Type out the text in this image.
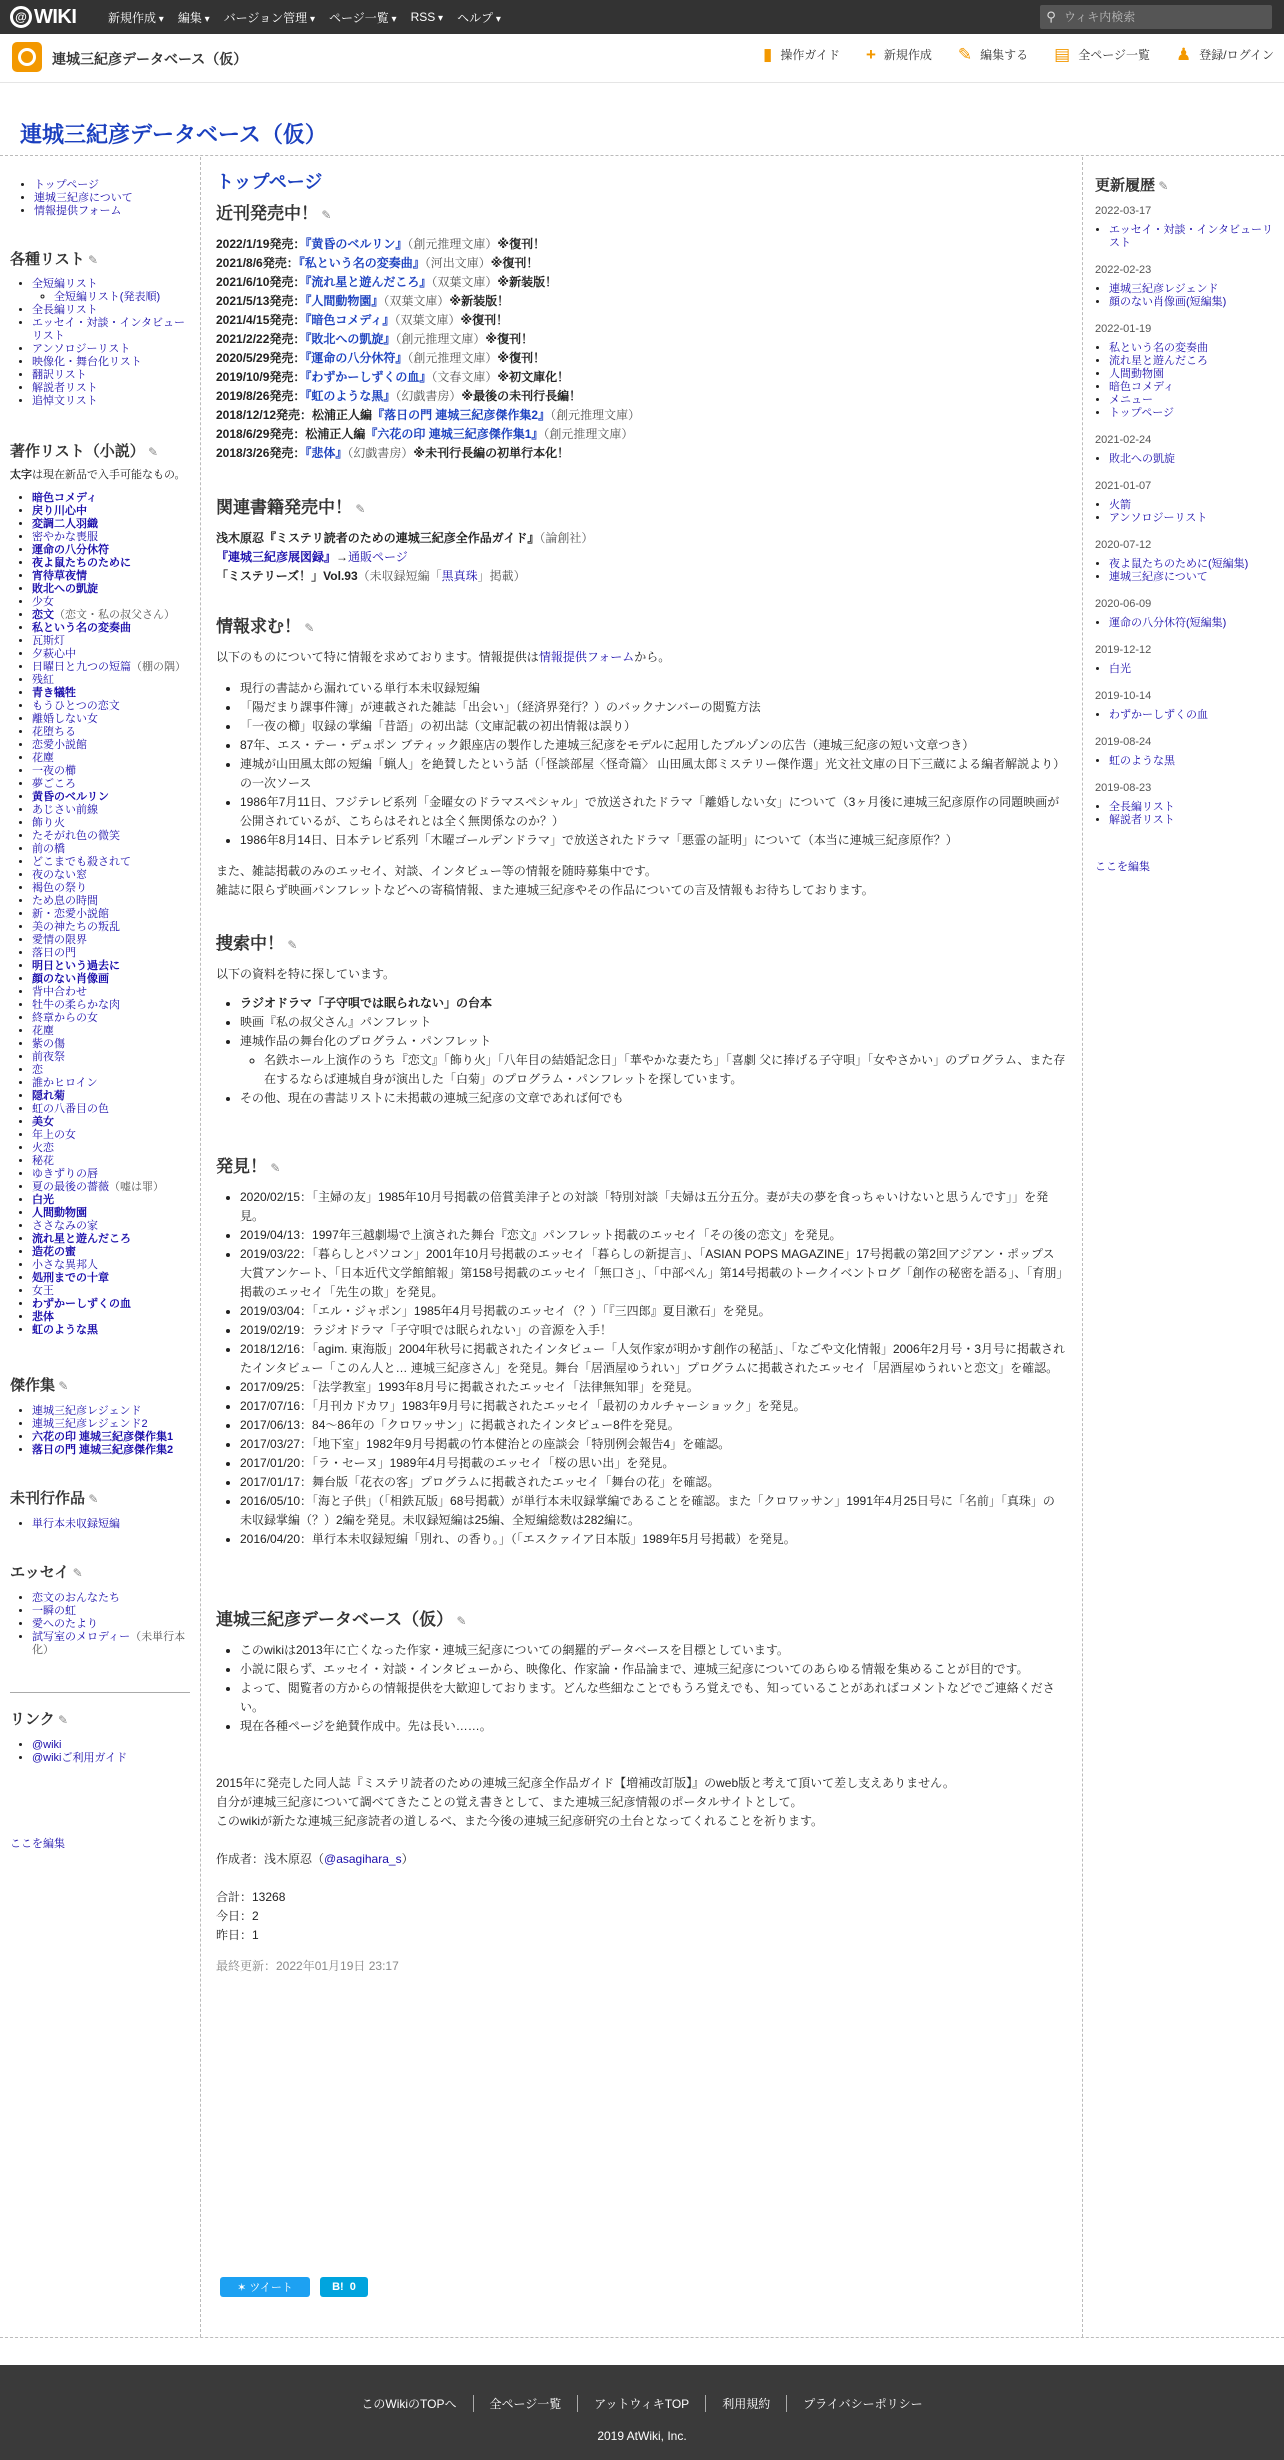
@ WIKI	新規作成 ▾	編集 ▾	バージョン管理 ▾	ページ一覧 ▾	RSS ▾	ヘルプ ▾	⚲
ウィキ内検索
連城三紀彦データベース（仮）	▮ 操作ガイド + 新規作成 ✎ 編集する ▤ 全ページ一覧 ♟ 登録/ログイン
連城三紀彦データベース（仮）
• トップページ
• 連城三紀彦について
• 情報提供フォーム
各種リスト ✎
• 全短編リスト
◦ 全短編リスト(発表順)
• 全長編リスト
• エッセイ・対談・インタビューリスト
• アンソロジーリスト
• 映像化・舞台化リスト
• 翻訳リスト
• 解説者リスト
• 追悼文リスト
著作リスト（小説） ✎
太字は現在新品で入手可能なもの。
• 暗色コメディ
• 戻り川心中
• 変調二人羽織
• 密やかな喪服
• 運命の八分休符
• 夜よ鼠たちのために
• 宵待草夜情
• 敗北への凱旋
• 少女
• 恋文（恋文・私の叔父さん）
• 私という名の変奏曲
• 瓦斯灯
• 夕萩心中
• 日曜日と九つの短篇（棚の隅）
• 残紅
• 青き犠牲
• もうひとつの恋文
• 離婚しない女
• 花堕ちる
• 恋愛小説館
• 花塵
• 一夜の櫛
• 夢ごころ
• 黄昏のベルリン
• あじさい前線
• 飾り火
• たそがれ色の微笑
• 前の橋
• どこまでも殺されて
• 夜のない窓
• 褐色の祭り
• ため息の時間
• 新・恋愛小説館
• 美の神たちの叛乱
• 愛情の限界
• 落日の門
• 明日という過去に
• 顔のない肖像画
• 背中合わせ
• 牡牛の柔らかな肉
• 終章からの女
• 花塵
• 紫の傷
• 前夜祭
• 恋
• 誰かヒロイン
• 隠れ菊
• 虹の八番目の色
• 美女
• 年上の女
• 火恋
• 秘花
• ゆきずりの唇
• 夏の最後の薔薇（嘘は罪）
• 白光
• 人間動物園
• ささなみの家
• 流れ星と遊んだころ
• 造花の蜜
• 小さな異邦人
• 処刑までの十章
• 女王
• わずかーしずくの血
• 悲体
• 虹のような黒
傑作集 ✎
• 連城三紀彦レジェンド
• 連城三紀彦レジェンド2
• 六花の印 連城三紀彦傑作集1
• 落日の門 連城三紀彦傑作集2
未刊行作品 ✎
• 単行本未収録短編
エッセイ ✎
• 恋文のおんなたち
• 一瞬の虹
• 愛へのたより
• 試写室のメロディー（未単行本化）
リンク ✎
• @wiki
• @wikiご利用ガイド
ここを編集
トップページ
近刊発売中！ ✎

2022/1/19発売：『黄昏のベルリン』（創元推理文庫）※復刊！

2021/8/6発売：『私という名の変奏曲』（河出文庫）※復刊！

2021/6/10発売：『流れ星と遊んだころ』（双葉文庫）※新装版！

2021/5/13発売：『人間動物園』（双葉文庫）※新装版！

2021/4/15発売：『暗色コメディ』（双葉文庫）※復刊！

2021/2/22発売：『敗北への凱旋』（創元推理文庫）※復刊！

2020/5/29発売：『運命の八分休符』（創元推理文庫）※復刊！

2019/10/9発売：『わずかーしずくの血』（文春文庫）※初文庫化！

2019/8/26発売：『虹のような黒』（幻戯書房）※最後の未刊行長編！

2018/12/12発売：松浦正人編『落日の門 連城三紀彦傑作集2』（創元推理文庫）

2018/6/29発売：松浦正人編『六花の印 連城三紀彦傑作集1』（創元推理文庫）

2018/3/26発売：『悲体』（幻戯書房）※未刊行長編の初単行本化！

関連書籍発売中！ ✎

浅木原忍『ミステリ読者のための連城三紀彦全作品ガイド』（論創社）

『連城三紀彦展図録』→通販ページ

「ミステリーズ！」Vol.93（未収録短編「黒真珠」掲載）

情報求む！ ✎

以下のものについて特に情報を求めております。情報提供は情報提供フォームから。

• 現行の書誌から漏れている単行本未収録短編
• 「陽だまり課事件簿」が連載された雑誌「出会い」（経済界発行？）のバックナンバーの閲覧方法
• 「一夜の櫛」収録の掌編「昔語」の初出誌（文庫記載の初出情報は誤り）
• 87年、エス・テー・デュポン ブティック銀座店の製作した連城三紀彦をモデルに起用したブルゾンの広告（連城三紀彦の短い文章つき）
• 連城が山田風太郎の短編「蝋人」を絶賛したという話（「怪談部屋〈怪奇篇〉 山田風太郎ミステリー傑作選」光文社文庫の日下三蔵による編者解説より）の一次ソース
• 1986年7月11日、フジテレビ系列「金曜女のドラマスペシャル」で放送されたドラマ「離婚しない女」について（3ヶ月後に連城三紀彦原作の同題映画が公開されているが、こちらはそれとは全く無関係なのか？）
• 1986年8月14日、日本テレビ系列「木曜ゴールデンドラマ」で放送されたドラマ「悪霊の証明」について（本当に連城三紀彦原作？）

また、雑誌掲載のみのエッセイ、対談、インタビュー等の情報を随時募集中です。

雑誌に限らず映画パンフレットなどへの寄稿情報、また連城三紀彦やその作品についての言及情報もお待ちしております。

捜索中！ ✎

以下の資料を特に探しています。

• ラジオドラマ「子守唄では眠られない」の台本
• 映画『私の叔父さん』パンフレット
• 連城作品の舞台化のプログラム・パンフレット
◦ 名鉄ホール上演作のうち『恋文』「飾り火」「八年目の結婚記念日」「華やかな妻たち」「喜劇 父に捧げる子守唄」「女やさかい」のプログラム、また存在するならば連城自身が演出した「白菊」のプログラム・パンフレットを探しています。
• その他、現在の書誌リストに未掲載の連城三紀彦の文章であれば何でも
発見！ ✎
• 2020/02/15：「主婦の友」1985年10月号掲載の倍賞美津子との対談「特別対談「夫婦は五分五分。妻が夫の夢を食っちゃいけないと思うんです」」を発見。
• 2019/04/13：1997年三越劇場で上演された舞台『恋文』パンフレット掲載のエッセイ「その後の恋文」を発見。
• 2019/03/22：「暮らしとパソコン」2001年10月号掲載のエッセイ「暮らしの新提言」、「ASIAN POPS MAGAZINE」17号掲載の第2回アジアン・ポップス大賞アンケート、「日本近代文学館館報」第158号掲載のエッセイ「無口さ」、「中部ぺん」第14号掲載のトークイベントログ「創作の秘密を語る」、「育朋」掲載のエッセイ「先生の欺」を発見。
• 2019/03/04：「エル・ジャポン」1985年4月号掲載のエッセイ（？）「『三四郎』夏目漱石」を発見。
• 2019/02/19：ラジオドラマ「子守唄では眠られない」の音源を入手！
• 2018/12/16：「agim. 東海版」2004年秋号に掲載されたインタビュー「人気作家が明かす創作の秘話」、「なごや文化情報」2006年2月号・3月号に掲載されたインタビュー「このん人と… 連城三紀彦さん」を発見。舞台「居酒屋ゆうれい」プログラムに掲載されたエッセイ「居酒屋ゆうれいと恋文」を確認。
• 2017/09/25：「法学教室」1993年8月号に掲載されたエッセイ「法律無知罪」を発見。
• 2017/07/16：「月刊カドカワ」1983年9月号に掲載されたエッセイ「最初のカルチャーショック」を発見。
• 2017/06/13：84～86年の「クロワッサン」に掲載されたインタビュー8件を発見。
• 2017/03/27：「地下室」1982年9月号掲載の竹本健治との座談会「特別例会報告4」を確認。
• 2017/01/20：「ラ・セーヌ」1989年4月号掲載のエッセイ「桜の思い出」を発見。
• 2017/01/17：舞台版「花衣の客」プログラムに掲載されたエッセイ「舞台の花」を確認。
• 2016/05/10：「海と子供」（「相鉄瓦版」68号掲載）が単行本未収録掌編であることを確認。また「クロワッサン」1991年4月25日号に「名前」「真珠」の未収録掌編（？）2編を発見。未収録短編は25編、全短編総数は282編に。
• 2016/04/20：単行本未収録短編「別れ、の香り。」（「エスクァイア日本版」1989年5月号掲載）を発見。
連城三紀彦データベース（仮） ✎
• このwikiは2013年に亡くなった作家・連城三紀彦についての網羅的データベースを目標としています。
• 小説に限らず、エッセイ・対談・インタビューから、映像化、作家論・作品論まで、連城三紀彦についてのあらゆる情報を集めることが目的です。
• よって、閲覧者の方からの情報提供を大歓迎しております。どんな些細なことでもうろ覚えでも、知っていることがあればコメントなどでご連絡ください。
• 現在各種ページを絶賛作成中。先は長い……。

2015年に発売した同人誌『ミステリ読者のための連城三紀彦全作品ガイド【増補改訂版】』のweb版と考えて頂いて差し支えありません。

自分が連城三紀彦について調べてきたことの覚え書きとして、また連城三紀彦情報のポータルサイトとして。

このwikiが新たな連城三紀彦読者の道しるべ、また今後の連城三紀彦研究の土台となってくれることを祈ります。

作成者：浅木原忍（@asagihara_s）

合計：13268

今日：2

昨日：1

最終更新：2022年01月19日 23:17

✶ ツイート	B!
0
更新履歴 ✎
2022-03-17
• エッセイ・対談・インタビューリスト
2022-02-23
• 連城三紀彦レジェンド
• 顔のない肖像画(短編集)
2022-01-19
• 私という名の変奏曲
• 流れ星と遊んだころ
• 人間動物園
• 暗色コメディ
• メニュー
• トップページ
2021-02-24
• 敗北への凱旋
2021-01-07
• 火箭
• アンソロジーリスト
2020-07-12
• 夜よ鼠たちのために(短編集)
• 連城三紀彦について
2020-06-09
• 運命の八分休符(短編集)
2019-12-12
• 白光
2019-10-14
• わずかーしずくの血
2019-08-24
• 虹のような黒
2019-08-23
• 全長編リスト
• 解説者リスト
ここを編集
このWikiのTOPへ	全ページ一覧	アットウィキTOP	利用規約	プライバシーポリシー
2019 AtWiki, Inc.
